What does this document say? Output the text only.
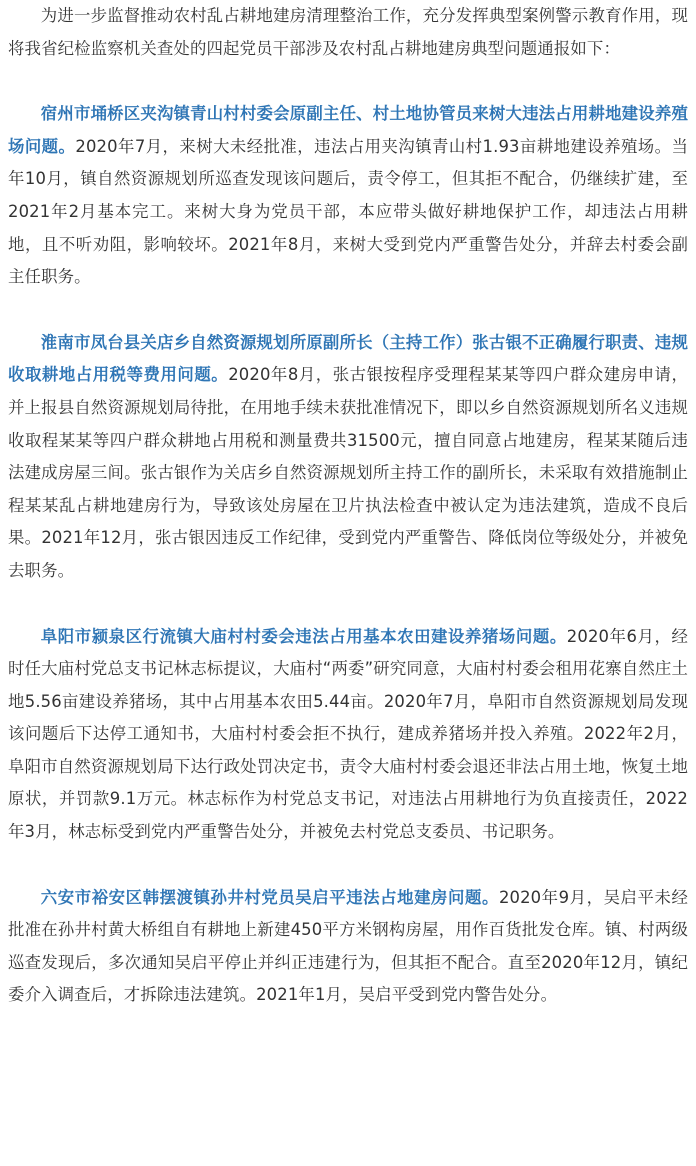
为进一步监督推动农村乱占耕地建房清理整治工作，充分发挥典型案例警示教育作用，现将我省纪检监察机关查处的四起党员干部涉及农村乱占耕地建房典型问题通报如下：

宿州市埇桥区夹沟镇青山村村委会原副主任、村土地协管员来树大违法占用耕地建设养殖场问题。2020年7月，来树大未经批准，违法占用夹沟镇青山村1.93亩耕地建设养殖场。当年10月，镇自然资源规划所巡查发现该问题后，责令停工，但其拒不配合，仍继续扩建，至2021年2月基本完工。来树大身为党员干部，本应带头做好耕地保护工作，却违法占用耕地，且不听劝阻，影响较坏。2021年8月，来树大受到党内严重警告处分，并辞去村委会副主任职务。

淮南市凤台县关店乡自然资源规划所原副所长（主持工作）张古银不正确履行职责、违规收取耕地占用税等费用问题。2020年8月，张古银按程序受理程某某等四户群众建房申请，并上报县自然资源规划局待批，在用地手续未获批准情况下，即以乡自然资源规划所名义违规收取程某某等四户群众耕地占用税和测量费共31500元，擅自同意占地建房，程某某随后违法建成房屋三间。张古银作为关店乡自然资源规划所主持工作的副所长，未采取有效措施制止程某某乱占耕地建房行为，导致该处房屋在卫片执法检查中被认定为违法建筑，造成不良后果。2021年12月，张古银因违反工作纪律，受到党内严重警告、降低岗位等级处分，并被免去职务。

阜阳市颍泉区行流镇大庙村村委会违法占用基本农田建设养猪场问题。2020年6月，经时任大庙村党总支书记林志标提议，大庙村“两委”研究同意，大庙村村委会租用花寨自然庄土地5.56亩建设养猪场，其中占用基本农田5.44亩。2020年7月，阜阳市自然资源规划局发现该问题后下达停工通知书，大庙村村委会拒不执行，建成养猪场并投入养殖。2022年2月，阜阳市自然资源规划局下达行政处罚决定书，责令大庙村村委会退还非法占用土地，恢复土地原状，并罚款9.1万元。林志标作为村党总支书记，对违法占用耕地行为负直接责任，2022年3月，林志标受到党内严重警告处分，并被免去村党总支委员、书记职务。

六安市裕安区韩摆渡镇孙井村党员吴启平违法占地建房问题。2020年9月，吴启平未经批准在孙井村黄大桥组自有耕地上新建450平方米钢构房屋，用作百货批发仓库。镇、村两级巡查发现后，多次通知吴启平停止并纠正违建行为，但其拒不配合。直至2020年12月，镇纪委介入调查后，才拆除违法建筑。2021年1月，吴启平受到党内警告处分。
